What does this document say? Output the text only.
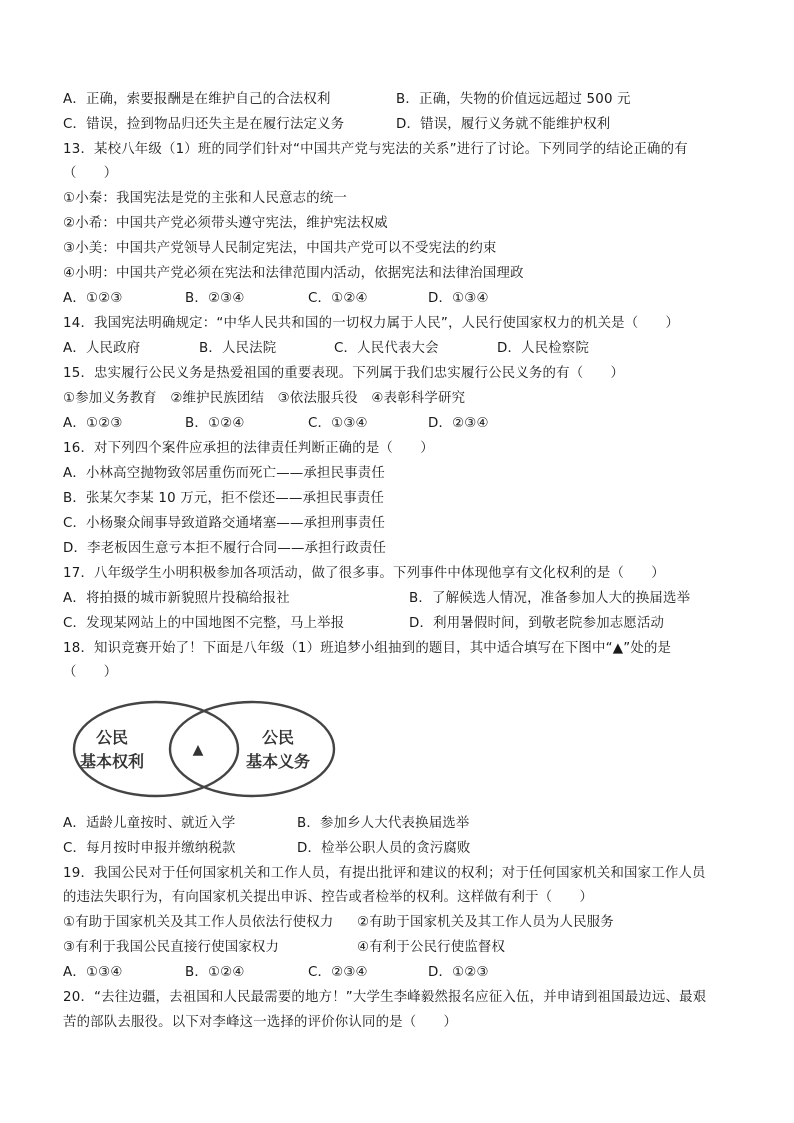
A．正确，索要报酬是在维护自己的合法权利	B．正确，失物的价值远远超过 500 元
C．错误，捡到物品归还失主是在履行法定义务	D．错误，履行义务就不能维护权利
13．某校八年级（1）班的同学们针对“中国共产党与宪法的关系”进行了讨论。下列同学的结论正确的有
（　　）
①小秦：我国宪法是党的主张和人民意志的统一
②小希：中国共产党必须带头遵守宪法，维护宪法权威
③小美：中国共产党领导人民制定宪法，中国共产党可以不受宪法的约束
④小明：中国共产党必须在宪法和法律范围内活动，依据宪法和法律治国理政
A．①②③	B．②③④	C．①②④	D．①③④
14．我国宪法明确规定：“中华人民共和国的一切权力属于人民”，人民行使国家权力的机关是（　　）
A．人民政府	B．人民法院	C．人民代表大会	D．人民检察院
15．忠实履行公民义务是热爱祖国的重要表现。下列属于我们忠实履行公民义务的有（　　）
①参加义务教育　②维护民族团结　③依法服兵役　④表彰科学研究
A．①②③	B．①②④	C．①③④	D．②③④
16．对下列四个案件应承担的法律责任判断正确的是（　　）
A．小林高空抛物致邻居重伤而死亡——承担民事责任
B．张某欠李某 10 万元，拒不偿还——承担民事责任
C．小杨聚众闹事导致道路交通堵塞——承担刑事责任
D．李老板因生意亏本拒不履行合同——承担行政责任
17．八年级学生小明积极参加各项活动，做了很多事。下列事件中体现他享有文化权利的是（　　）
A．将拍摄的城市新貌照片投稿给报社	B．了解候选人情况，准备参加人大的换届选举
C．发现某网站上的中国地图不完整，马上举报	D．利用暑假时间，到敬老院参加志愿活动
18．知识竞赛开始了！下面是八年级（1）班追梦小组抽到的题目，其中适合填写在下图中“▲”处的是
（　　）
公民
基本权利
▲
公民
基本义务
A．适龄儿童按时、就近入学	B．参加乡人大代表换届选举
C．每月按时申报并缴纳税款	D．检举公职人员的贪污腐败
19．我国公民对于任何国家机关和工作人员，有提出批评和建议的权利；对于任何国家机关和国家工作人员
的违法失职行为，有向国家机关提出申诉、控告或者检举的权利。这样做有利于（　　）
①有助于国家机关及其工作人员依法行使权力 ②有助于国家机关及其工作人员为人民服务
③有利于我国公民直接行使国家权力	④有利于公民行使监督权
A．①③④	B．①②④	C．②③④	D．①②③
20．“去往边疆，去祖国和人民最需要的地方！”大学生李峰毅然报名应征入伍，并申请到祖国最边远、最艰
苦的部队去服役。以下对李峰这一选择的评价你认同的是（　　）
